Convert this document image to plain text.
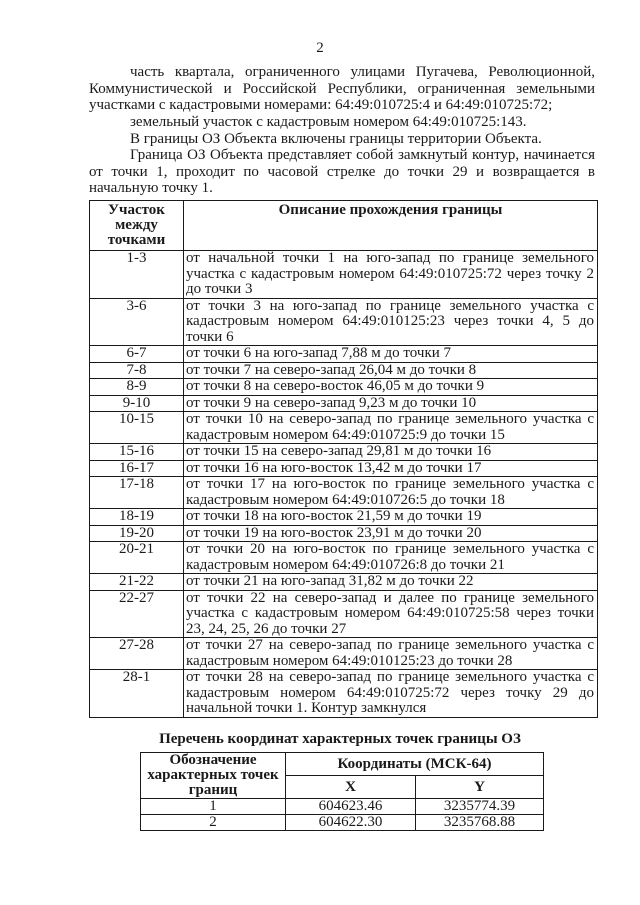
2

часть квартала, ограниченного улицами Пугачева, Революционной, Коммунистической и Российской Республики, ограниченная земельными участками с кадастровыми номерами: 64:49:010725:4 и 64:49:010725:72;

земельный участок с кадастровым номером 64:49:010725:143.

В границы ОЗ Объекта включены границы территории Объекта.

Граница ОЗ Объекта представляет собой замкнутый контур, начинается от точки 1, проходит по часовой стрелке до точки 29 и возвращается в начальную точку 1.

Участок между точками	Описание прохождения границы
1-3	от начальной точки 1 на юго-запад по границе земельного участка с кадастровым номером 64:49:010725:72 через точку 2 до точки 3
3-6	от точки 3 на юго-запад по границе земельного участка с кадастровым номером 64:49:010125:23 через точки 4, 5 до точки 6
6-7	от точки 6 на юго-запад 7,88 м до точки 7
7-8	от точки 7 на северо-запад 26,04 м до точки 8
8-9	от точки 8 на северо-восток 46,05 м до точки 9
9-10	от точки 9 на северо-запад 9,23 м до точки 10
10-15	от точки 10 на северо-запад по границе земельного участка с кадастровым номером 64:49:010725:9 до точки 15
15-16	от точки 15 на северо-запад 29,81 м до точки 16
16-17	от точки 16 на юго-восток 13,42 м до точки 17
17-18	от точки 17 на юго-восток по границе земельного участка с кадастровым номером 64:49:010726:5 до точки 18
18-19	от точки 18 на юго-восток 21,59 м до точки 19
19-20	от точки 19 на юго-восток 23,91 м до точки 20
20-21	от точки 20 на юго-восток по границе земельного участка с кадастровым номером 64:49:010726:8 до точки 21
21-22	от точки 21 на юго-запад 31,82 м до точки 22
22-27	от точки 22 на северо-запад и далее по границе земельного участка с кадастровым номером 64:49:010725:58 через точки 23, 24, 25, 26 до точки 27
27-28	от точки 27 на северо-запад по границе земельного участка с кадастровым номером 64:49:010125:23 до точки 28
28-1	от точки 28 на северо-запад по границе земельного участка с кадастровым номером 64:49:010725:72 через точку 29 до начальной точки 1. Контур замкнулся
Перечень координат характерных точек границы ОЗ
Обозначение характерных точек границ	Координаты (МСК-64)	
	X	Y
1	604623.46	3235774.39
2	604622.30	3235768.88
